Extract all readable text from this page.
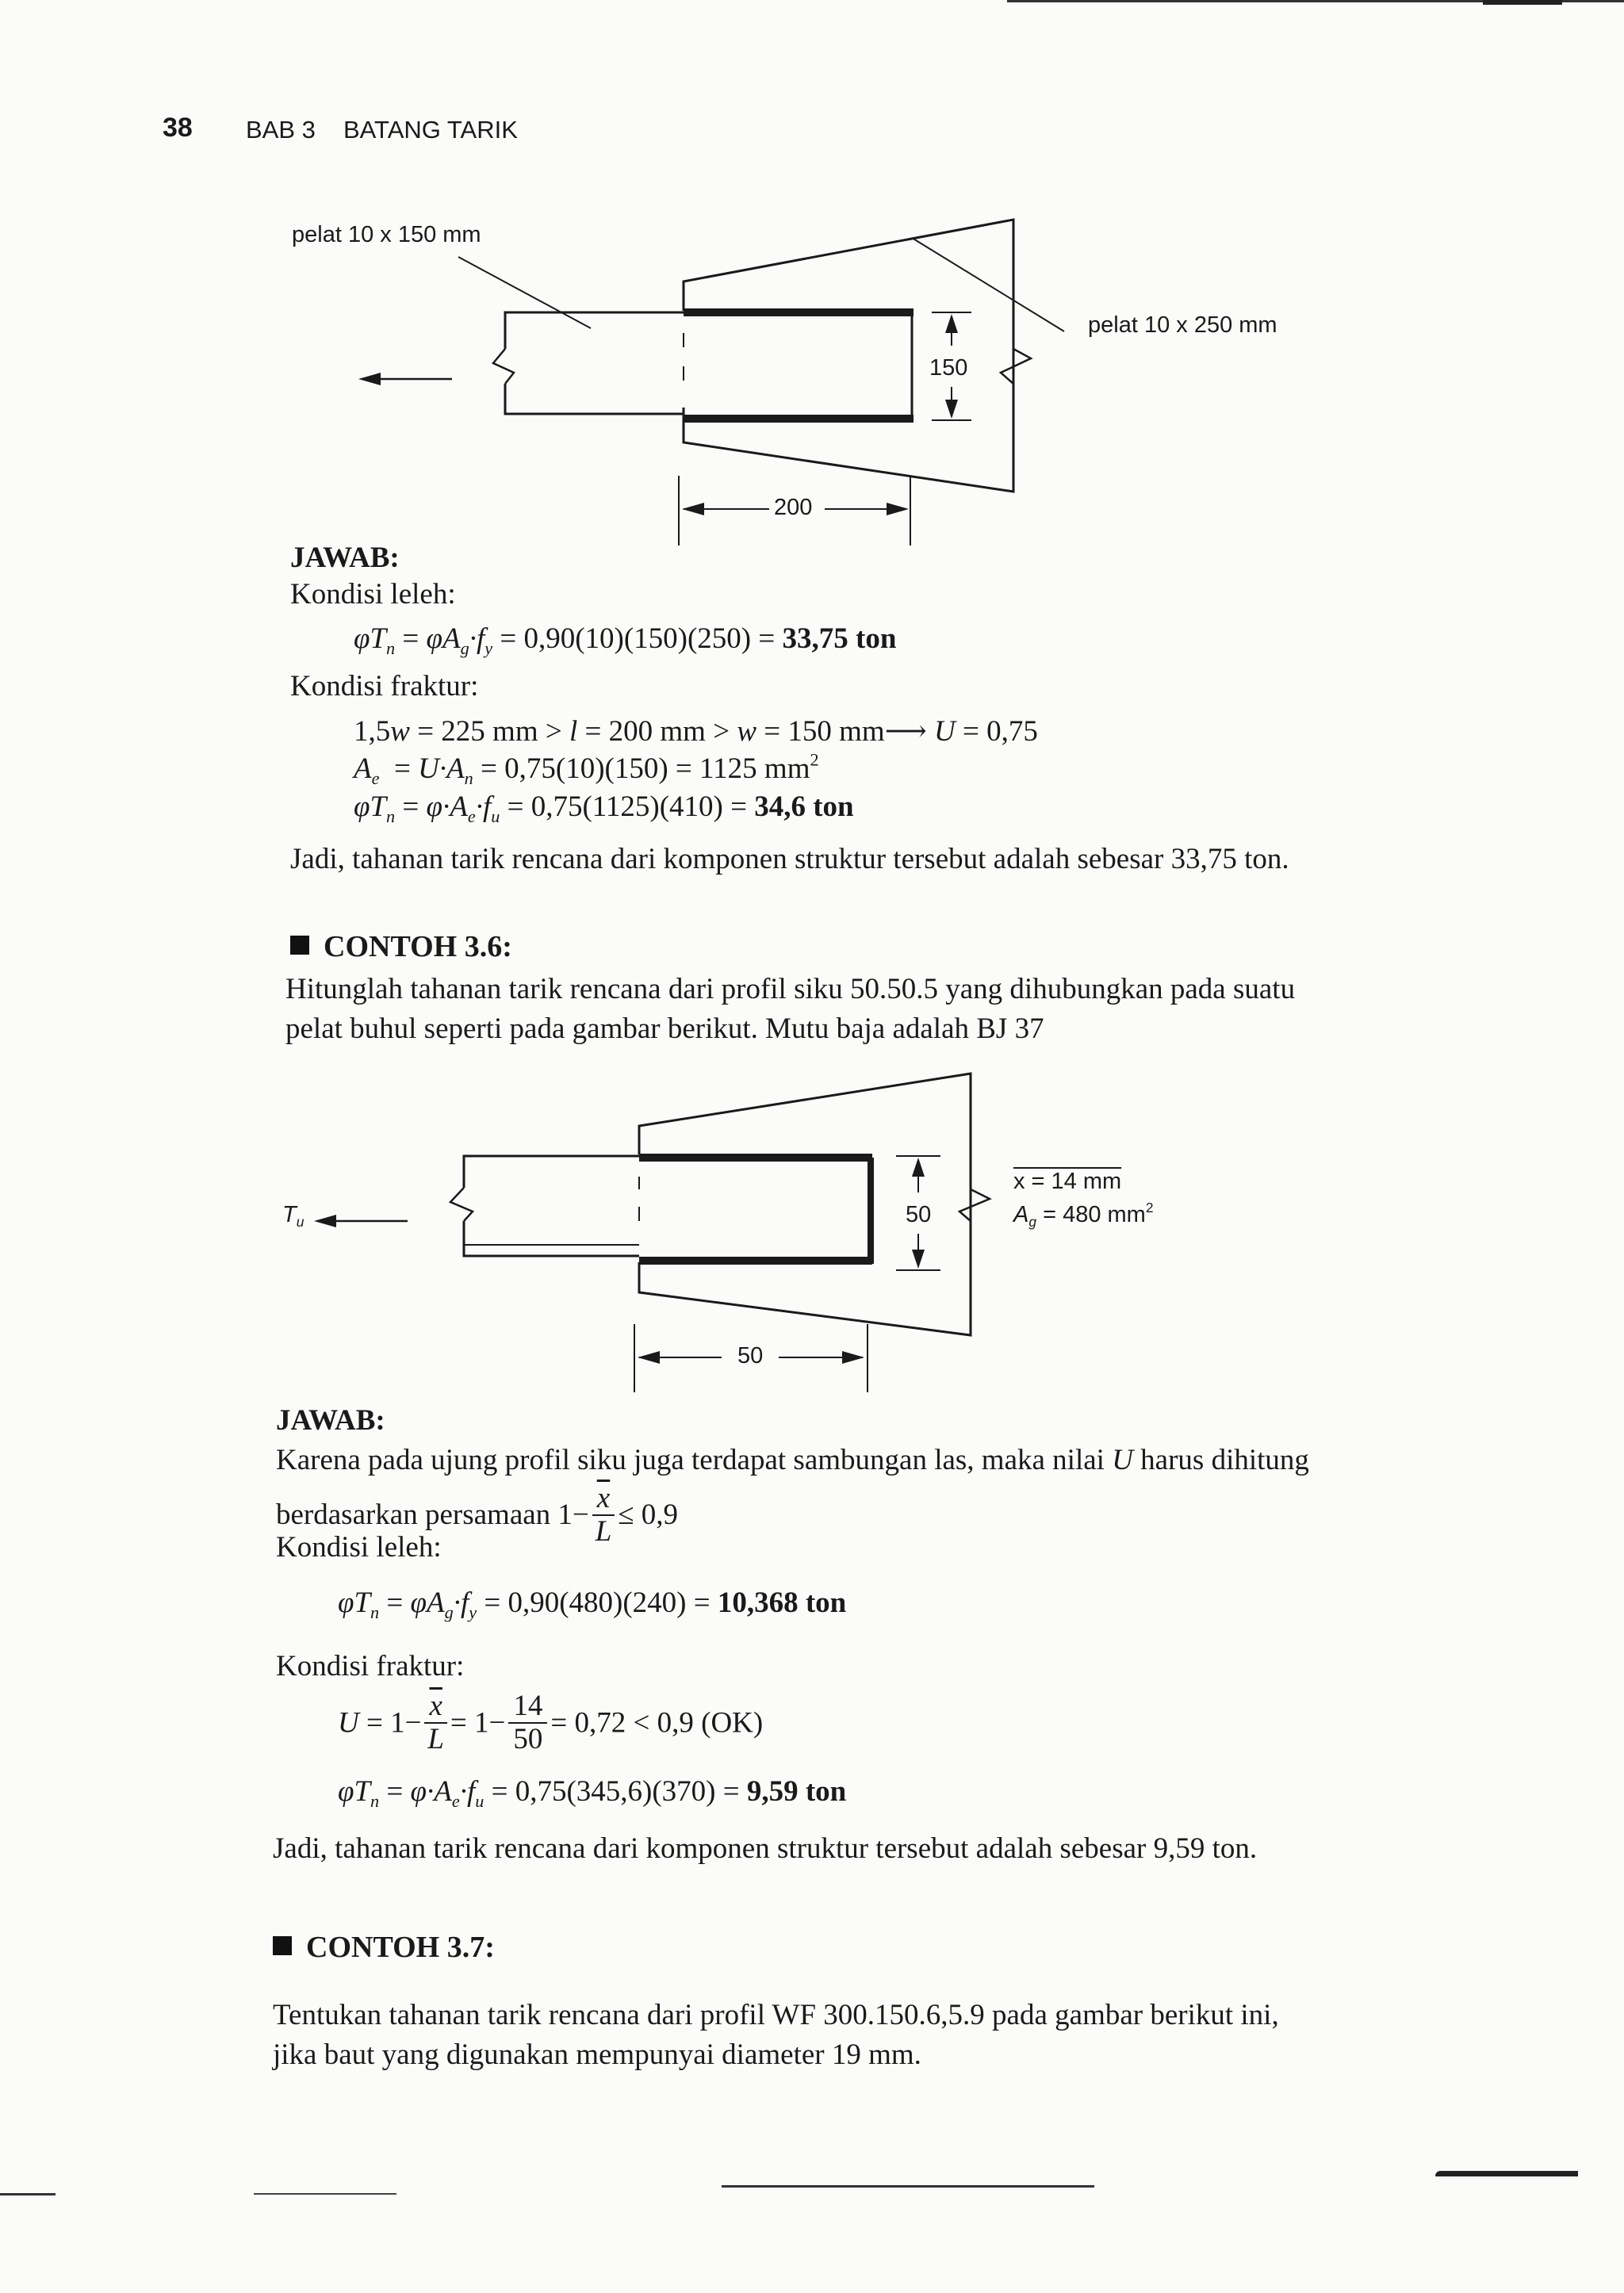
38 BAB 3 BATANG TARIK
pelat 10 x 150 mm
pelat 10 x 250 mm
150
200
JAWAB:
Kondisi leleh:
$\varphi T_n = \varphi A_g\cdot f_y = 0,90(10)(150)(250) = 33,75$ ton
Kondisi fraktur:
1,5w = 225 mm > l = 200 mm > w = 150 mm⟶ U = 0,75
$A_e = U\cdot A_n = 0,75(10)(150) = 1125$ $mm^2$
$\varphi T_n = \varphi\cdot A_e\cdot f_u = 0,75(1125)(410) = 34,6$ ton
Jadi, tahanan tarik rencana dari komponen struktur tersebut adalah sebesar 33,75 ton.
CONTOH 3.6:
Hitunglah tahanan tarik rencana dari profil siku 50.50.5 yang dihubungkan pada suatu
pelat buhul seperti pada gambar berikut. Mutu baja adalah BJ 37
$T_u$
x = 14 mm
$A_g = 480$ $mm^2$
50
50
JAWAB:
Karena pada ujung profil siku juga terdapat sambungan las, maka nilai U harus dihitung
berdasarkan persamaan $1- \frac{\overline{x}}{L} \le 0,9$
Kondisi leleh:
$\varphi T_n = \varphi A_g\cdot f_y = 0,90(480)(240) = 10,368$ ton
Kondisi fraktur:
$U = 1- \frac{\overline{x}}{L} = 1- \frac{14}{50} = 0,72 < 0,9$ (OK)
$\varphi T_n = \varphi\cdot A_e\cdot f_u = 0,75(345,6)(370) = 9,59$ ton
Jadi, tahanan tarik rencana dari komponen struktur tersebut adalah sebesar 9,59 ton.
CONTOH 3.7:
Tentukan tahanan tarik rencana dari profil WF 300.150.6,5.9 pada gambar berikut ini,
jika baut yang digunakan mempunyai diameter 19 mm.
